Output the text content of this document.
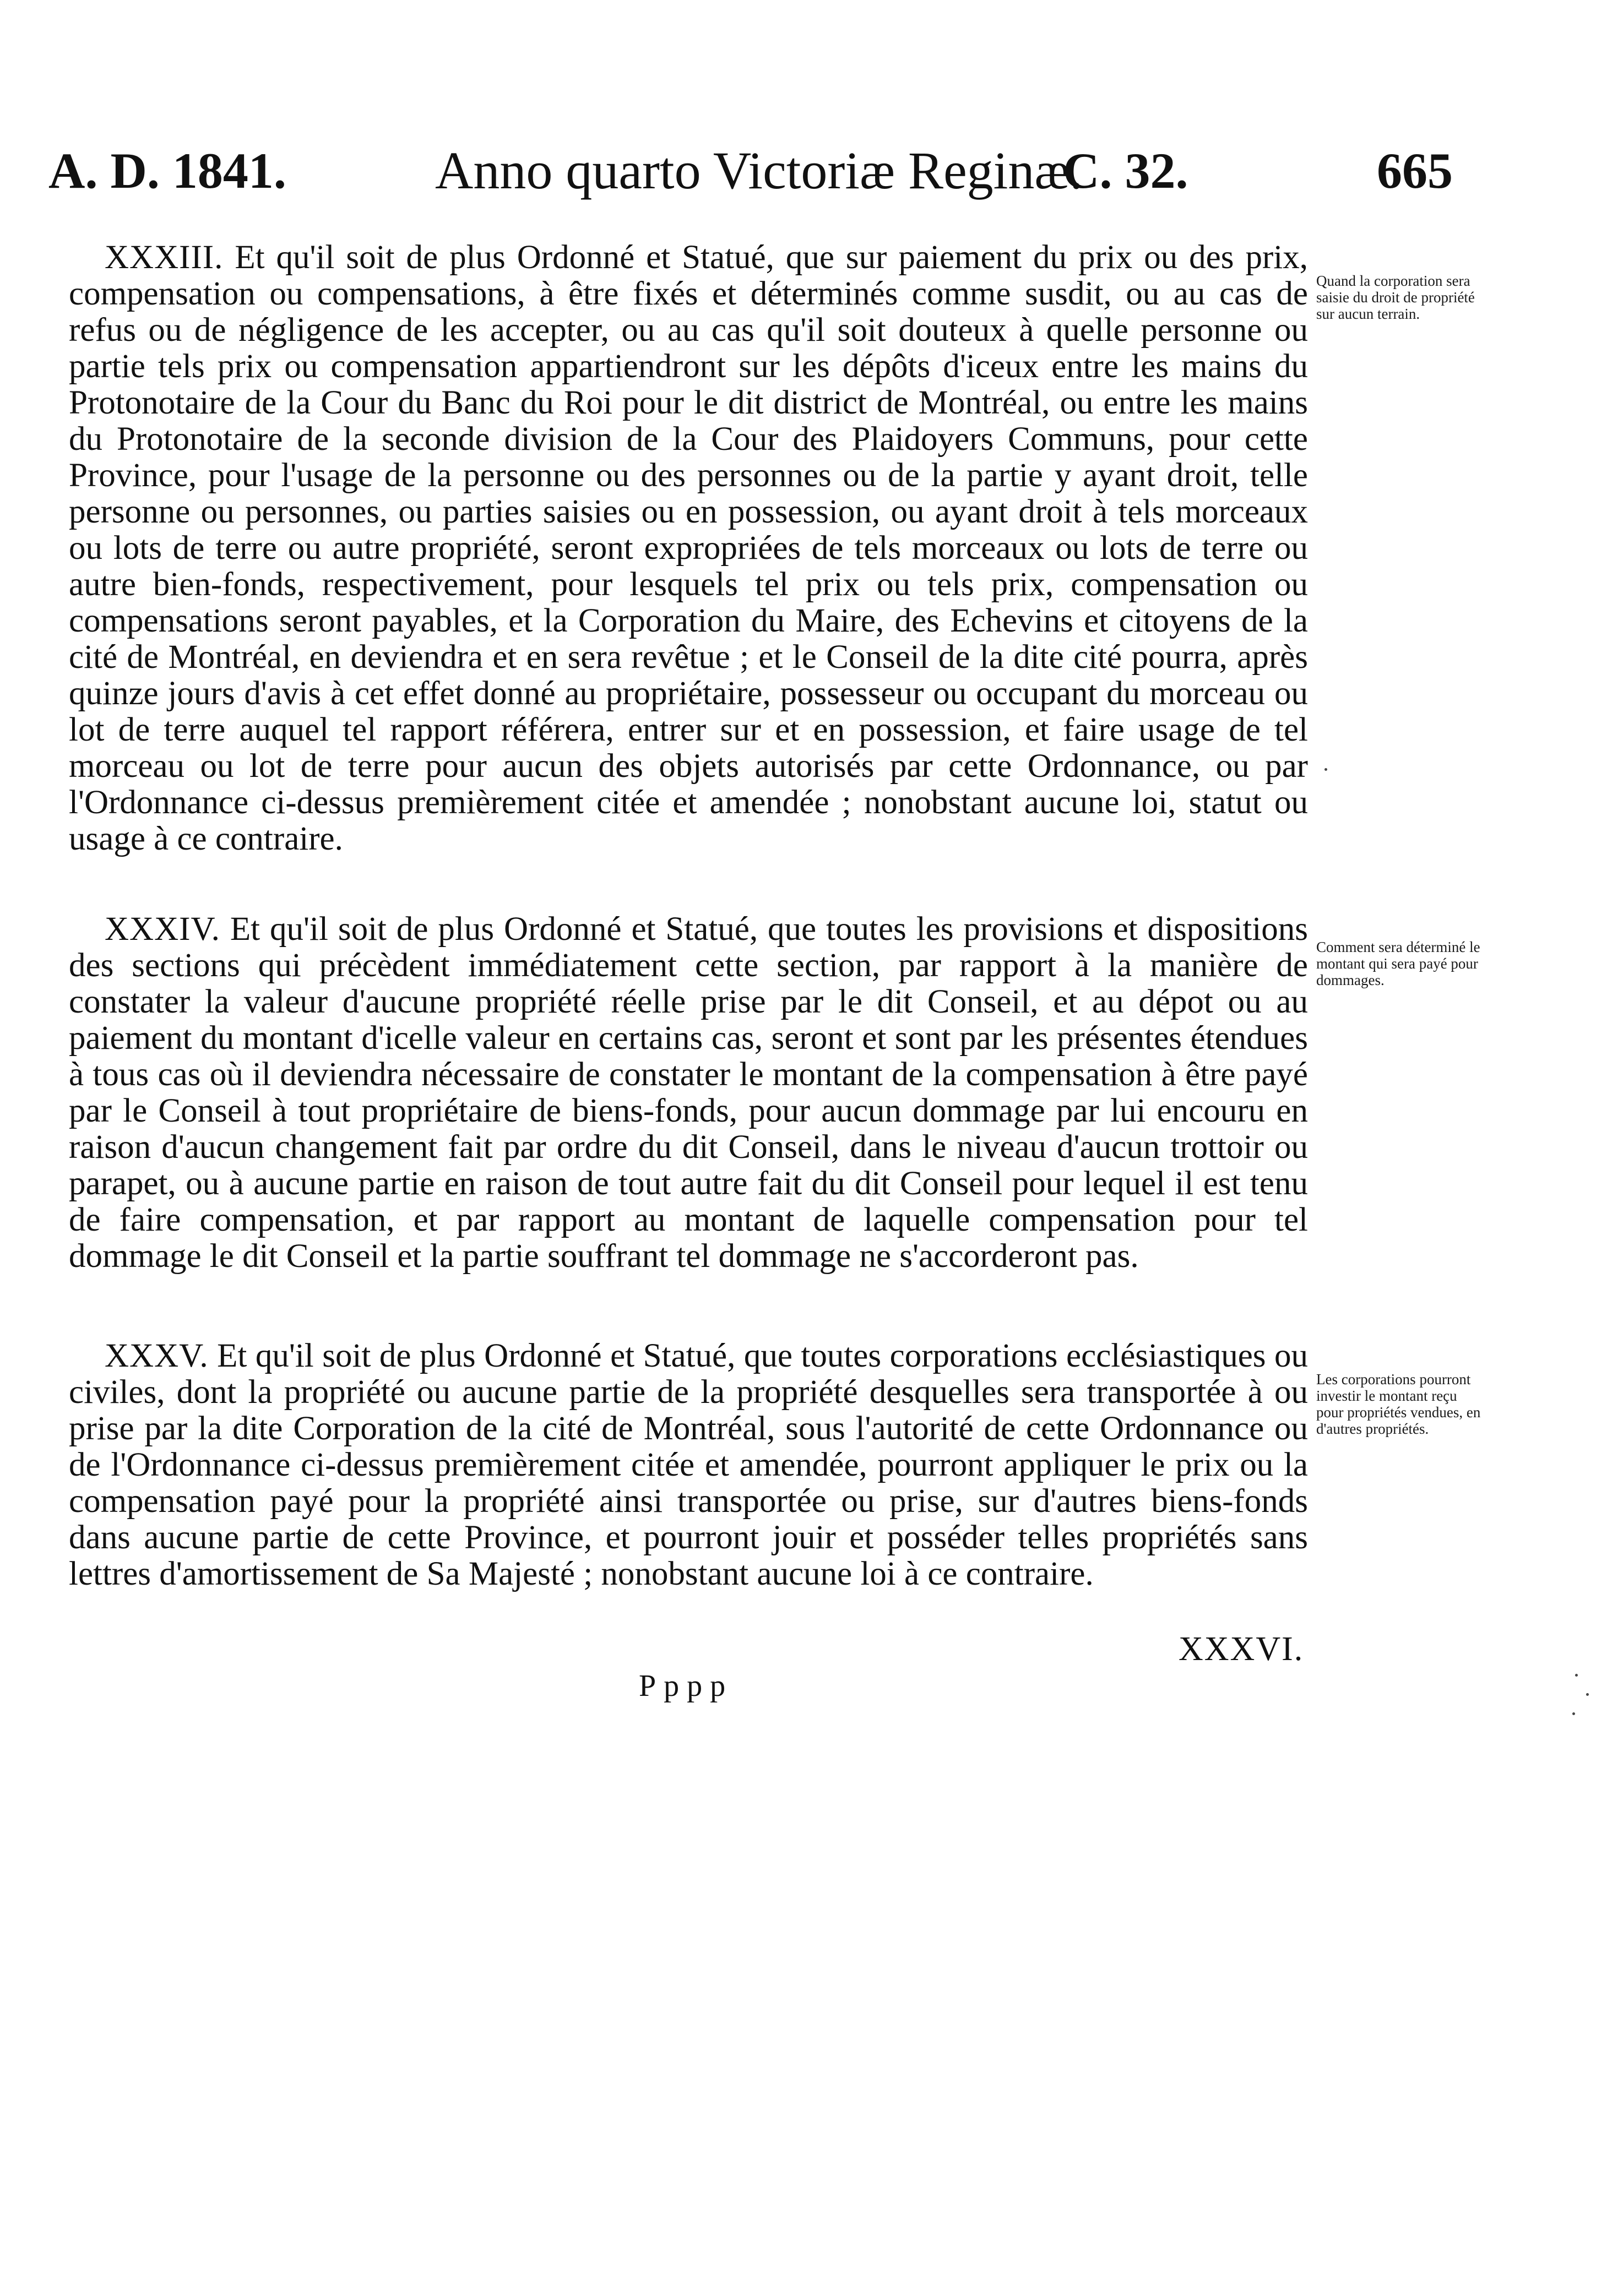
A. D. 1841.	Anno quarto Victoriæ Reginæ.
C. 32.	665

XXXIII. Et qu'il soit de plus Ordonné et Statué, que sur paiement du prix ou des prix, compensation ou compensations, à être fixés et déterminés comme susdit, ou au cas de refus ou de négligence de les accepter, ou au cas qu'il soit douteux à quelle personne ou partie tels prix ou compensation appartiendront sur les dépôts d'iceux entre les mains du Protonotaire de la Cour du Banc du Roi pour le dit district de Montréal, ou entre les mains du Protonotaire de la seconde division de la Cour des Plaidoyers Communs, pour cette Province, pour l'usage de la personne ou des personnes ou de la partie y ayant droit, telle personne ou personnes, ou parties saisies ou en possession, ou ayant droit à tels morceaux ou lots de terre ou autre propriété, seront expropriées de tels morceaux ou lots de terre ou autre bien-fonds, respectivement, pour lesquels tel prix ou tels prix, compensation ou compensations seront payables, et la Corporation du Maire, des Echevins et citoyens de la cité de Montréal, en deviendra et en sera revêtue ; et le Conseil de la dite cité pourra, après quinze jours d'avis à cet effet donné au propriétaire, possesseur ou occupant du morceau ou lot de terre auquel tel rapport référera, entrer sur et en possession, et faire usage de tel morceau ou lot de terre pour aucun des objets autorisés par cette Ordonnance, ou par l'Ordonnance ci-dessus premièrement citée et amendée ; nonobstant aucune loi, statut ou usage à ce contraire.

Quand la corporation sera saisie du droit de propriété sur aucun terrain.

XXXIV. Et qu'il soit de plus Ordonné et Statué, que toutes les provisions et dispositions des sections qui précèdent immédiatement cette section, par rapport à la manière de constater la valeur d'aucune propriété réelle prise par le dit Conseil, et au dépot ou au paiement du montant d'icelle valeur en certains cas, seront et sont par les présentes étendues à tous cas où il deviendra nécessaire de constater le montant de la compensation à être payé par le Conseil à tout propriétaire de biens-fonds, pour aucun dommage par lui encouru en raison d'aucun changement fait par ordre du dit Conseil, dans le niveau d'aucun trottoir ou parapet, ou à aucune partie en raison de tout autre fait du dit Conseil pour lequel il est tenu de faire compensation, et par rapport au montant de laquelle compensation pour tel dommage le dit Conseil et la partie souffrant tel dommage ne s'accorderont pas.

Comment sera déterminé le montant qui sera payé pour dommages.

XXXV. Et qu'il soit de plus Ordonné et Statué, que toutes corporations ecclésiastiques ou civiles, dont la propriété ou aucune partie de la propriété desquelles sera transportée à ou prise par la dite Corporation de la cité de Montréal, sous l'autorité de cette Ordonnance ou de l'Ordonnance ci-dessus premièrement citée et amendée, pourront appliquer le prix ou la compensation payé pour la propriété ainsi transportée ou prise, sur d'autres biens-fonds dans aucune partie de cette Province, et pourront jouir et posséder telles propriétés sans lettres d'amortissement de Sa Majesté ; nonobstant aucune loi à ce contraire.

Les corporations pourront investir le montant reçu pour propriétés vendues, en d'autres propriétés.
XXXVI.
Pppp
